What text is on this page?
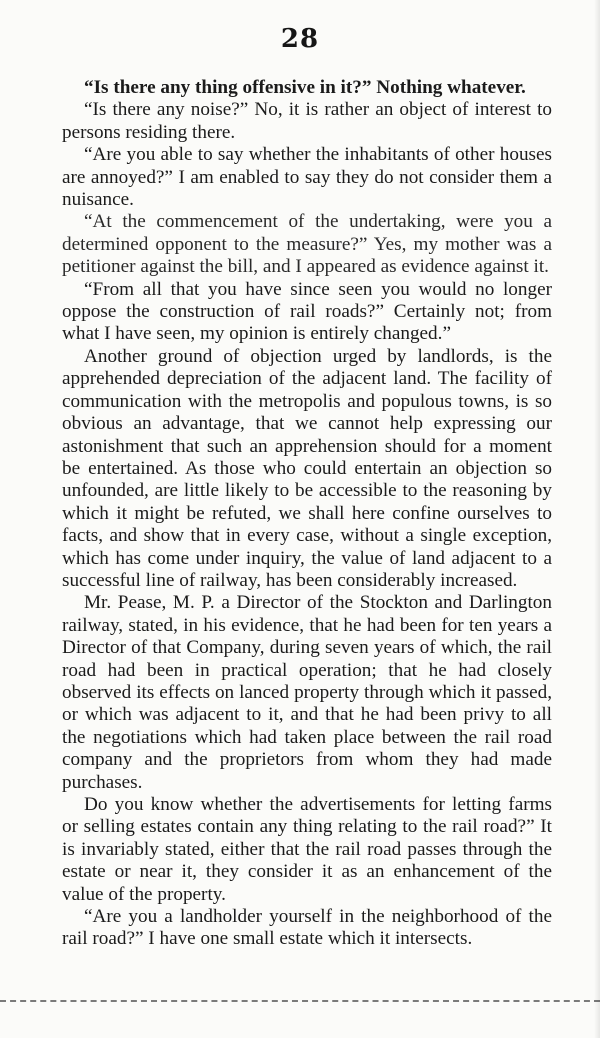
28

“Is there any thing offensive in it?” Nothing whatever.

“Is there any noise?” No, it is rather an object of interest to persons residing there.

“Are you able to say whether the inhabitants of other houses are annoyed?” I am enabled to say they do not consider them a nuisance.

“At the commencement of the undertaking, were you a determined opponent to the measure?” Yes, my mother was a petitioner against the bill, and I appeared as evidence against it.

“From all that you have since seen you would no longer oppose the construction of rail roads?” Certainly not; from what I have seen, my opinion is entirely changed.”

Another ground of objection urged by landlords, is the apprehended depreciation of the adjacent land. The facility of communication with the metropolis and populous towns, is so obvious an advantage, that we cannot help expressing our astonishment that such an apprehension should for a moment be entertained. As those who could entertain an objection so unfounded, are little likely to be accessible to the reasoning by which it might be refuted, we shall here confine ourselves to facts, and show that in every case, without a single exception, which has come under inquiry, the value of land adjacent to a successful line of railway, has been considerably increased.

Mr. Pease, M. P. a Director of the Stockton and Darlington railway, stated, in his evidence, that he had been for ten years a Director of that Company, during seven years of which, the rail road had been in practical operation; that he had closely observed its effects on lanced property through which it passed, or which was adjacent to it, and that he had been privy to all the negotiations which had taken place between the rail road company and the proprietors from whom they had made purchases.

Do you know whether the advertisements for letting farms or selling estates contain any thing relating to the rail road?” It is invariably stated, either that the rail road passes through the estate or near it, they consider it as an enhancement of the value of the property.

“Are you a landholder yourself in the neighborhood of the rail road?” I have one small estate which it intersects.
